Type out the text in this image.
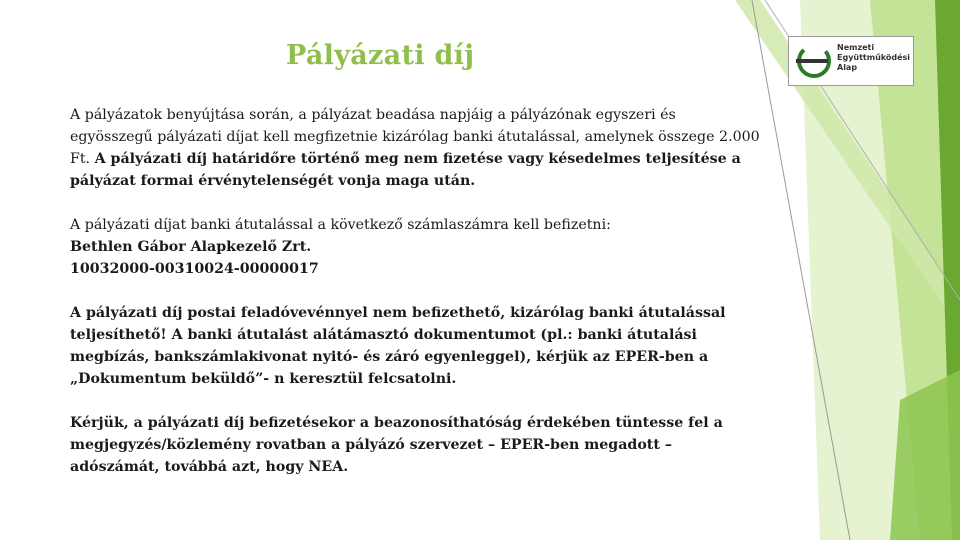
Nemzeti
Együttműködési
Alap
Pályázati díj

A pályázatok benyújtása során, a pályázat beadása napjáig a pályázónak egyszeri és egyösszegű pályázati díjat kell megfizetnie kizárólag banki átutalással, amelynek összege 2.000 Ft. A pályázati díj határidőre történő meg nem fizetése vagy késedelmes teljesítése a pályázat formai érvénytelenségét vonja maga után.

A pályázati díjat banki átutalással a következő számlaszámra kell befizetni:
Bethlen Gábor Alapkezelő Zrt.
10032000-00310024-00000017

A pályázati díj postai feladóvevénnyel nem befizethető, kizárólag banki átutalással teljesíthető! A banki átutalást alátámasztó dokumentumot (pl.: banki átutalási megbízás, bankszámlakivonat nyitó- és záró egyenleggel), kérjük az EPER-ben a „Dokumentum beküldő”- n keresztül felcsatolni.

Kérjük, a pályázati díj befizetésekor a beazonosíthatóság érdekében tüntesse fel a megjegyzés/közlemény rovatban a pályázó szervezet – EPER-ben megadott – adószámát, továbbá azt, hogy NEA.
